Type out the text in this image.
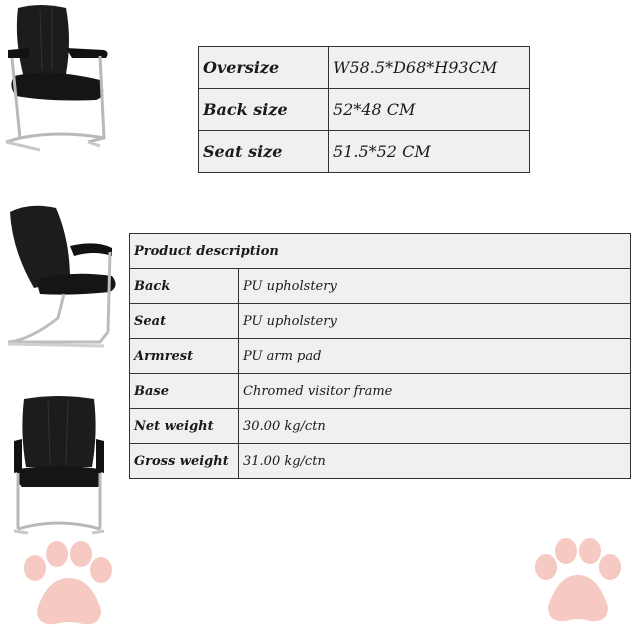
Oversize	W58.5*D68*H93CM
Back size	52*48 CM
Seat size	51.5*52 CM
Product description	
Back	PU upholstery
Seat	PU upholstery
Armrest	PU arm pad
Base	Chromed visitor frame
Net weight	30.00 kg/ctn
Gross weight	31.00 kg/ctn
